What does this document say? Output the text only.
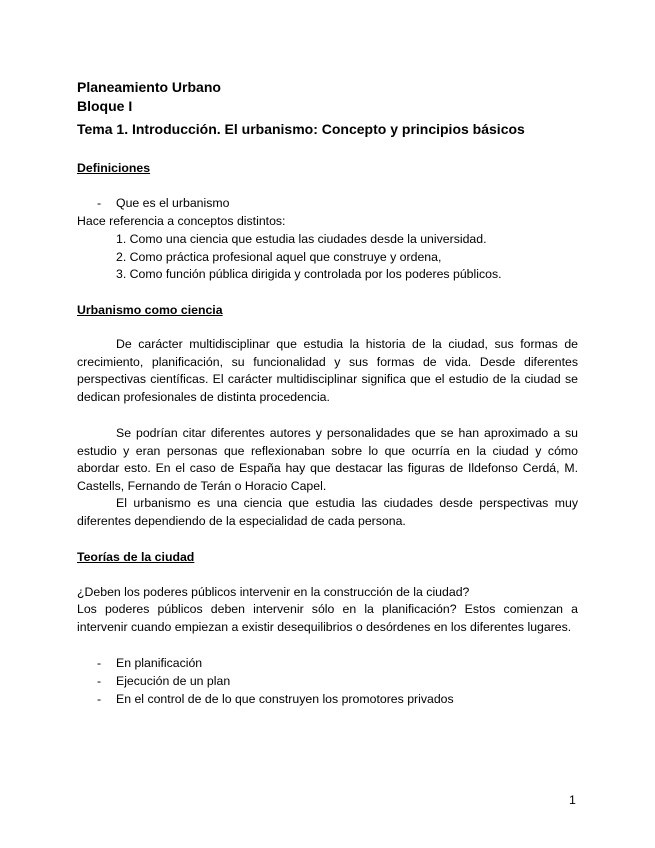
Planeamiento Urbano
Bloque I
Tema 1. Introducción. El urbanismo: Concepto y principios básicos
Definiciones
- Que es el urbanismo
Hace referencia a conceptos distintos:
1. Como una ciencia que estudia las ciudades desde la universidad.
2. Como práctica profesional aquel que construye y ordena,
3. Como función pública dirigida y controlada por los poderes públicos.
Urbanismo como ciencia

De carácter multidisciplinar que estudia la historia de la ciudad, sus formas de crecimiento, planificación, su funcionalidad y sus formas de vida. Desde diferentes perspectivas científicas. El carácter multidisciplinar significa que el estudio de la ciudad se dedican profesionales de distinta procedencia.

Se podrían citar diferentes autores y personalidades que se han aproximado a su estudio y eran personas que reflexionaban sobre lo que ocurría en la ciudad y cómo abordar esto. En el caso de España hay que destacar las figuras de Ildefonso Cerdá, M. Castells, Fernando de Terán o Horacio Capel.

El urbanismo es una ciencia que estudia las ciudades desde perspectivas muy diferentes dependiendo de la especialidad de cada persona.

Teorías de la ciudad
¿Deben los poderes públicos intervenir en la construcción de la ciudad?
Los poderes públicos deben intervenir sólo en la planificación? Estos comienzan a intervenir cuando empiezan a existir desequilibrios o desórdenes en los diferentes lugares.
- En planificación
- Ejecución de un plan
- En el control de de lo que construyen los promotores privados
1
